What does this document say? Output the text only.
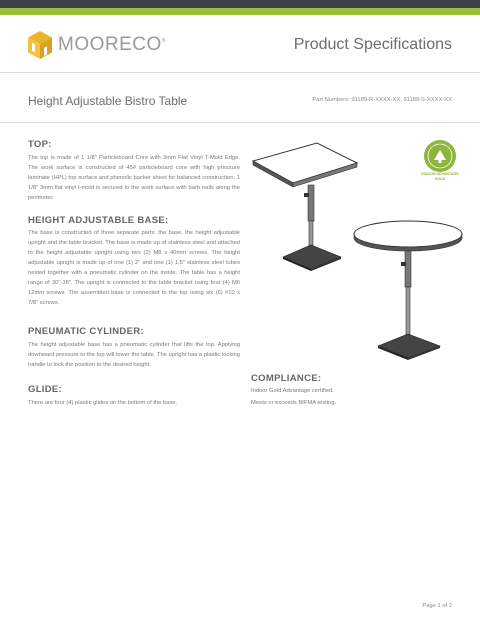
MOORECO ®	Product Specifications
Height Adjustable Bistro Table	Part Numbers: 91189-R-XXXX-XX, 91189-S-XXXX-XX
TOP:
The top is made of 1 1/8" Particleboard Core with 3mm Flat Vinyl T-Mold Edge. The work surface is constructed of 45# particleboard core with high pressure laminate (HPL) top surface and phenolic backer sheet for balanced construction. 1 1/8" 3mm flat vinyl t-mold is secured to the work surface with barb nails along the perimeter.
HEIGHT ADJUSTABLE BASE:
The base is constructed of three separate parts: the base, the height adjustable upright and the table bracket. The base is made up of stainless steel and attached to the height adjustable upright using two (2) M8 x 40mm screws. The height adjustable upright is made up of one (1) 2" and one (1) 1.5" stainless steel tubes nested together with a pneumatic cylinder on the inside. The table has a height range of 30"-38". The upright is connected to the table bracket using four (4) M6 12mm screws. The assembled base is connected to the top using six (6) #10 x 7/8" screws.
PNEUMATIC CYLINDER:
The height adjustable base has a pneumatic cylinder that lifts the top. Applying downward pressure to the top will lower the table. The upright has a plastic locking handle to lock the position to the desired height.
GLIDE:
There are four (4) plastic glides on the bottom of the base.
COMPLIANCE:
Indoor Gold Advantage certified.
Meets or exceeds BIFMA testing.
INDOOR ADVANTAGE GOLD
Page 1 of 2
